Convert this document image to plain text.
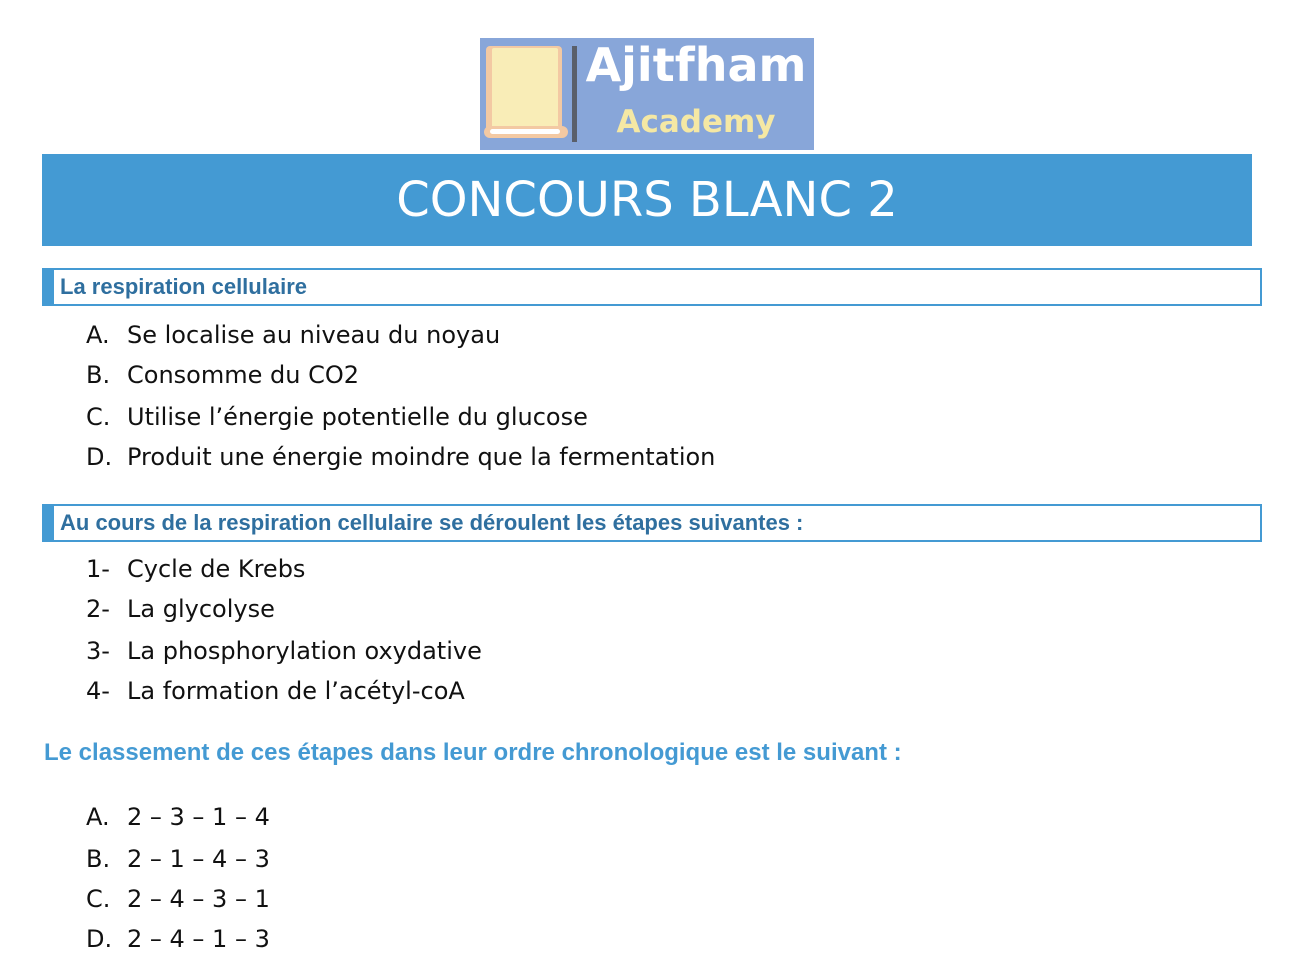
Ajitfham
Academy
CONCOURS BLANC 2
La respiration cellulaire
A. Se localise au niveau du noyau
B. Consomme du CO2
C. Utilise l’énergie potentielle du glucose
D. Produit une énergie moindre que la fermentation
Au cours de la respiration cellulaire se déroulent les étapes suivantes :
1- Cycle de Krebs
2- La glycolyse
3- La phosphorylation oxydative
4- La formation de l’acétyl-coA
Le classement de ces étapes dans leur ordre chronologique est le suivant :
A. 2 – 3 – 1 – 4
B. 2 – 1 – 4 – 3
C. 2 – 4 – 3 – 1
D. 2 – 4 – 1 – 3
